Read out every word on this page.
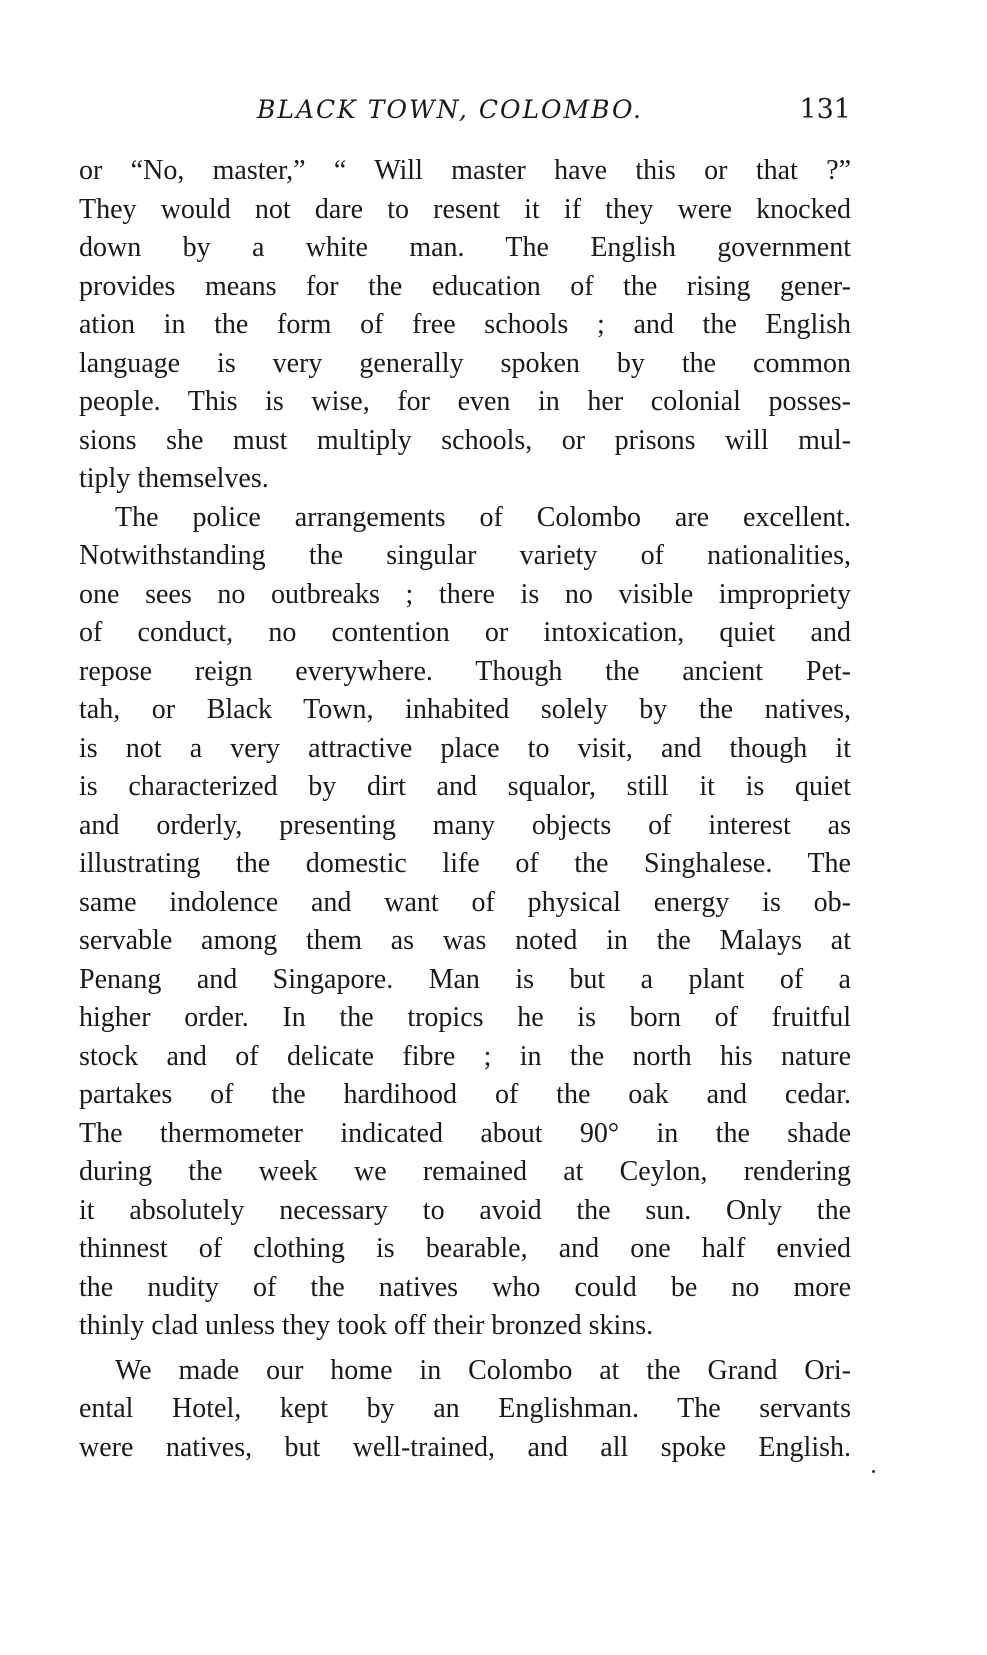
BLACK TOWN, COLOMBO.	131

or “No, master,” “ Will master have this or that ?”
They would not dare to resent it if they were knocked
down by a white man. The English government
provides means for the education of the rising gener-
ation in the form of free schools ; and the English
language is very generally spoken by the common
people. This is wise, for even in her colonial posses-
sions she must multiply schools, or prisons will mul-
tiply themselves.

The police arrangements of Colombo are excellent.
Notwithstanding the singular variety of nationalities,
one sees no outbreaks ; there is no visible impropriety
of conduct, no contention or intoxication, quiet and
repose reign everywhere. Though the ancient Pet-
tah, or Black Town, inhabited solely by the natives,
is not a very attractive place to visit, and though it
is characterized by dirt and squalor, still it is quiet
and orderly, presenting many objects of interest as
illustrating the domestic life of the Singhalese. The
same indolence and want of physical energy is ob-
servable among them as was noted in the Malays at
Penang and Singapore. Man is but a plant of a
higher order. In the tropics he is born of fruitful
stock and of delicate fibre ; in the north his nature
partakes of the hardihood of the oak and cedar.
The thermometer indicated about 90° in the shade
during the week we remained at Ceylon, rendering
it absolutely necessary to avoid the sun. Only the
thinnest of clothing is bearable, and one half envied
the nudity of the natives who could be no more
thinly clad unless they took off their bronzed skins.

We made our home in Colombo at the Grand Ori-
ental Hotel, kept by an Englishman. The servants
were natives, but well-trained, and all spoke English.
